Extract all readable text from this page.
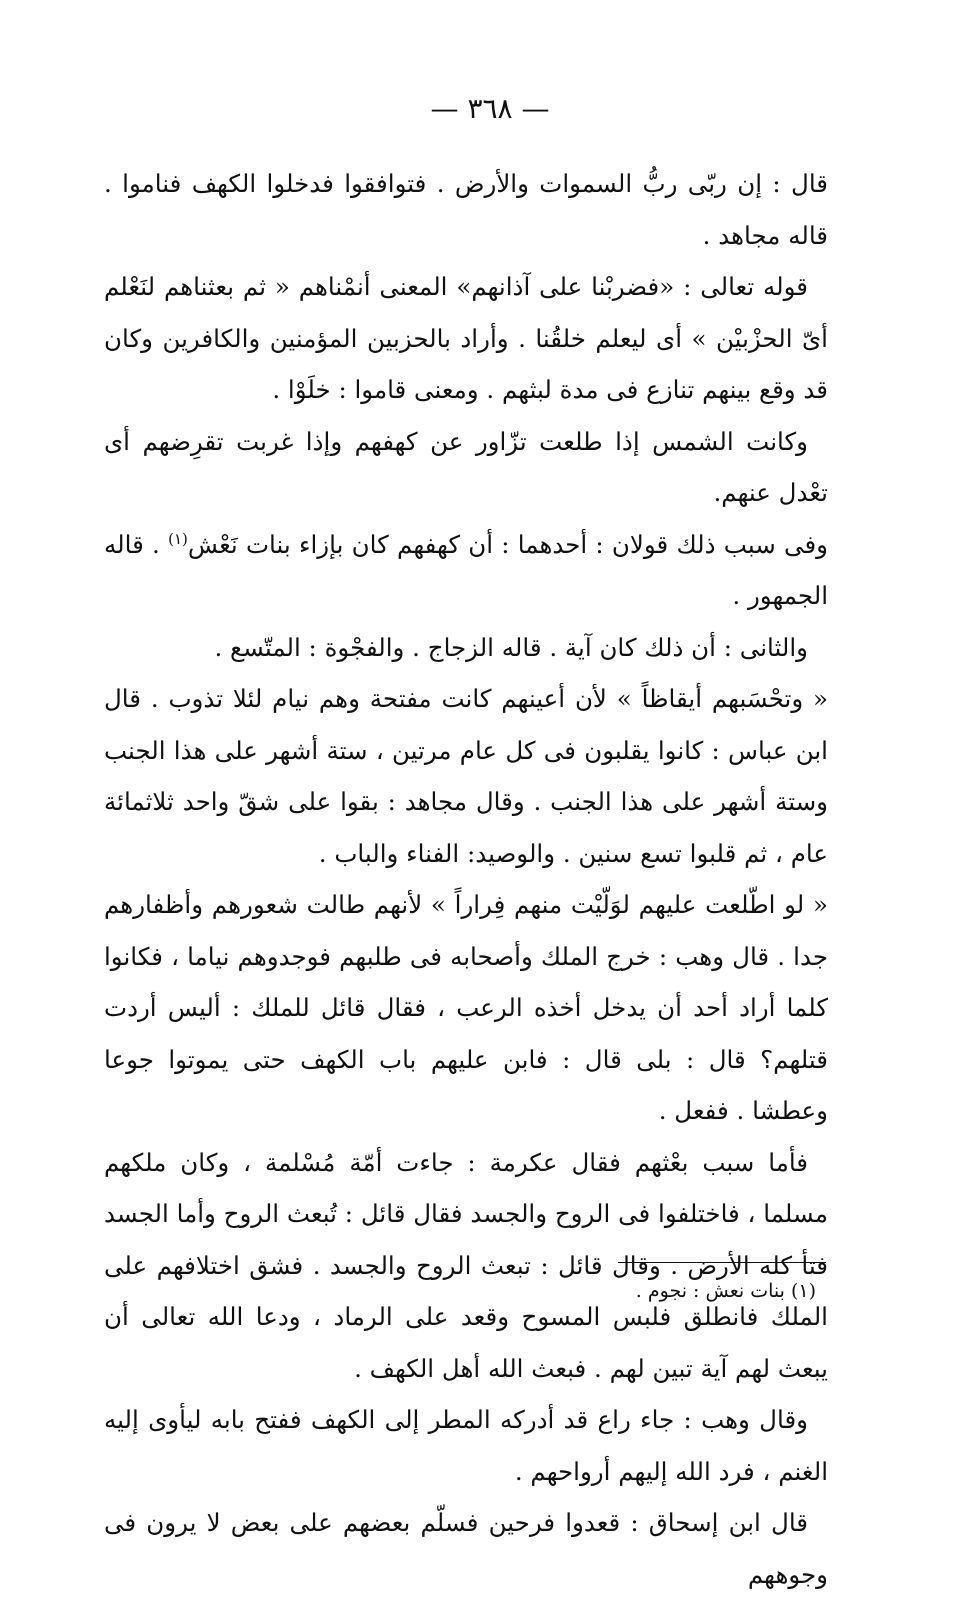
— ٣٦٨ —

قال : إن ربّى ربُّ السموات والأرض . فتوافقوا فدخلوا الكهف فناموا . قاله مجاهد .

قوله تعالى : «فضربْنا على آذانهم» المعنى أنمْناهم « ثم بعثناهم لنَعْلم أىّ الحزْبيْن » أى ليعلم خلقُنا . وأراد بالحزبين المؤمنين والكافرين وكان قد وقع بينهم تنازع فى مدة لبثهم . ومعنى قاموا : خلَوْا .

وكانت الشمس إذا طلعت تزّاور عن كهفهم وإذا غربت تقرِضهم أى تعْدل عنهم.

وفى سبب ذلك قولان : أحدهما : أن كهفهم كان بإزاء بنات نَعْش$^{(١)}$ . قاله الجمهور .

والثانى : أن ذلك كان آية . قاله الزجاج . والفجْوة : المتّسع .

« وتحْسَبهم أيقاظاً » لأن أعينهم كانت مفتحة وهم نيام لئلا تذوب . قال ابن عباس : كانوا يقلبون فى كل عام مرتين ، ستة أشهر على هذا الجنب وستة أشهر على هذا الجنب . وقال مجاهد : بقوا على شقّ واحد ثلاثمائة عام ، ثم قلبوا تسع سنين . والوصيد: الفناء والباب .

« لو اطّلعت عليهم لوَلّيْت منهم فِراراً » لأنهم طالت شعورهم وأظفارهم جدا . قال وهب : خرج الملك وأصحابه فى طلبهم فوجدوهم نياما ، فكانوا كلما أراد أحد أن يدخل أخذه الرعب ، فقال قائل للملك : أليس أردت قتلهم؟ قال : بلى قال : فابن عليهم باب الكهف حتى يموتوا جوعا وعطشا . ففعل .

فأما سبب بعْثهم فقال عكرمة : جاءت أمّة مُسْلمة ، وكان ملكهم مسلما ، فاختلفوا فى الروح والجسد فقال قائل : تُبعث الروح وأما الجسد فتأ كله الأرض . وقال قائل : تبعث الروح والجسد . فشق اختلافهم على الملك فانطلق فلبس المسوح وقعد على الرماد ، ودعا الله تعالى أن يبعث لهم آية تبين لهم . فبعث الله أهل الكهف .

وقال وهب : جاء راع قد أدركه المطر إلى الكهف ففتح بابه ليأوى إليه الغنم ، فرد الله إليهم أرواحهم .

قال ابن إسحاق : قعدوا فرحين فسلّم بعضهم على بعض لا يرون فى وجوههم

(١) بنات نعش : نجوم .
